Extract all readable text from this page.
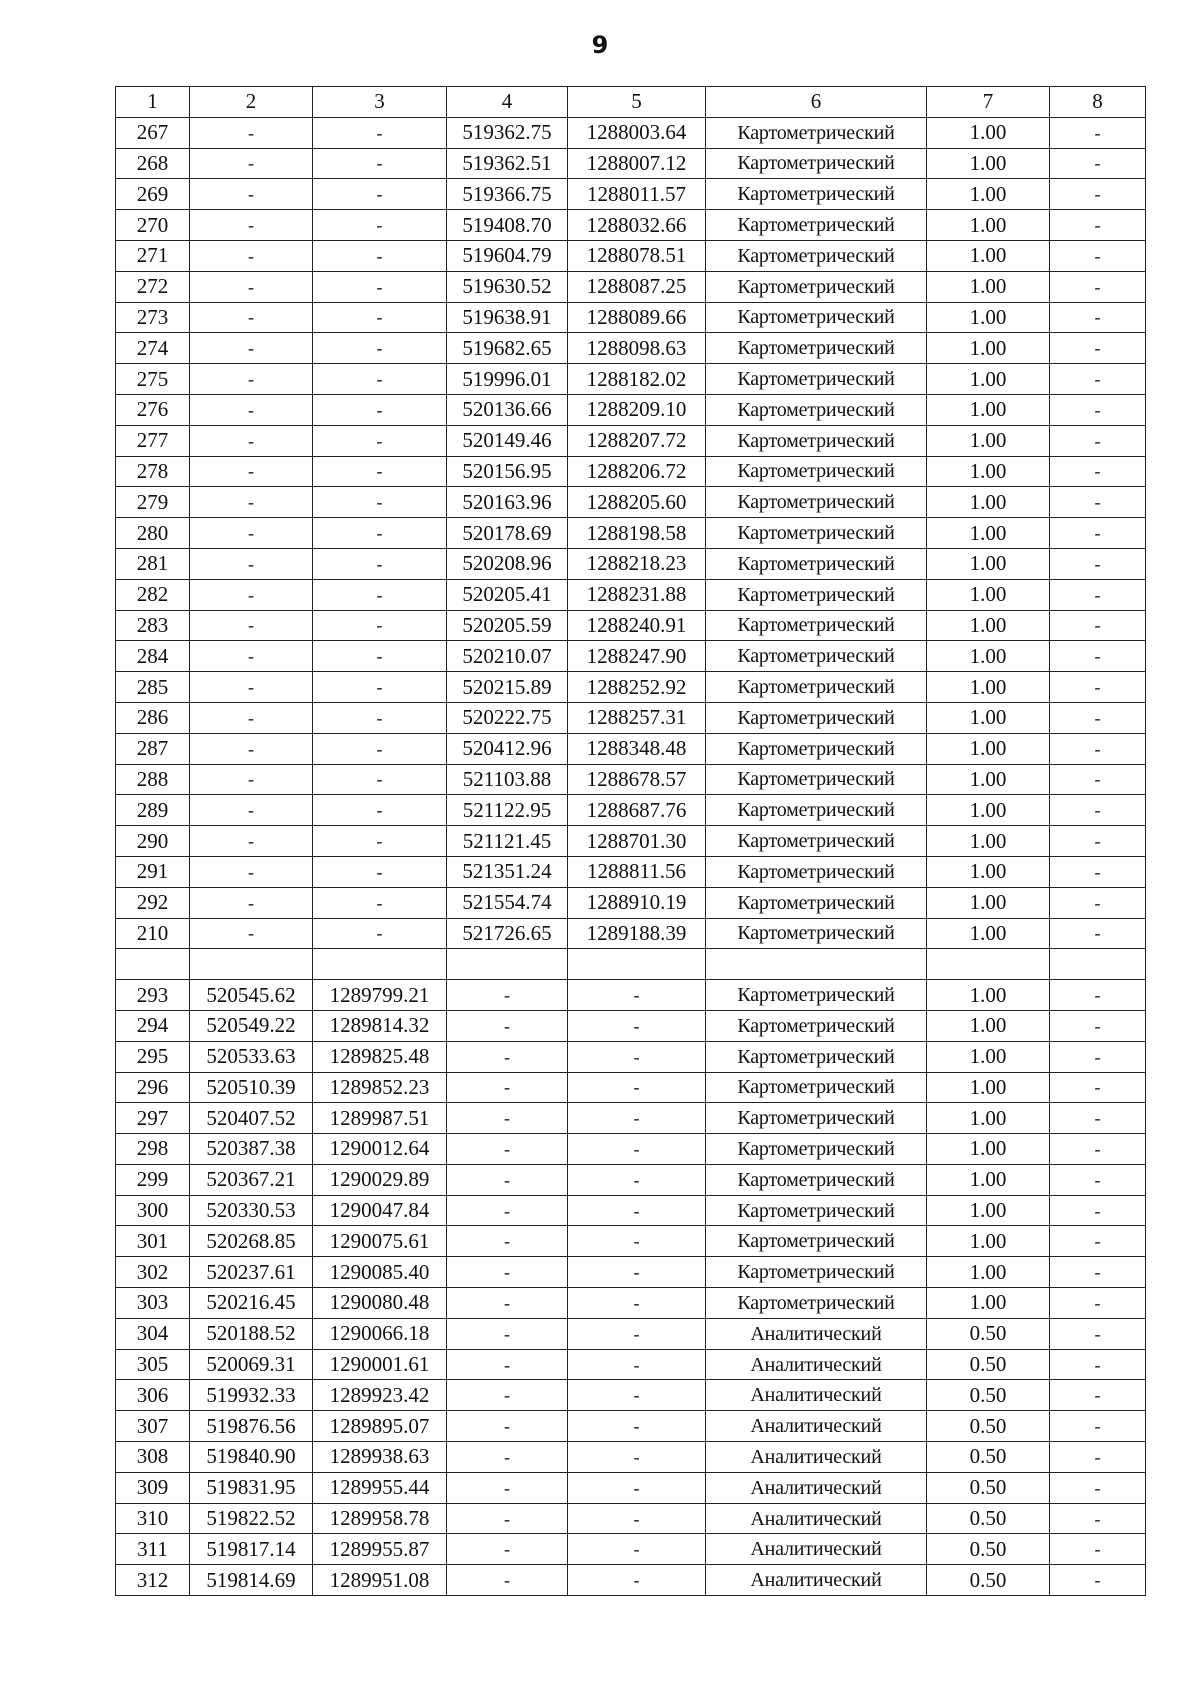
9
1	2	3	4	5	6	7	8
267	-	-	519362.75	1288003.64	Картометрический	1.00	-
268	-	-	519362.51	1288007.12	Картометрический	1.00	-
269	-	-	519366.75	1288011.57	Картометрический	1.00	-
270	-	-	519408.70	1288032.66	Картометрический	1.00	-
271	-	-	519604.79	1288078.51	Картометрический	1.00	-
272	-	-	519630.52	1288087.25	Картометрический	1.00	-
273	-	-	519638.91	1288089.66	Картометрический	1.00	-
274	-	-	519682.65	1288098.63	Картометрический	1.00	-
275	-	-	519996.01	1288182.02	Картометрический	1.00	-
276	-	-	520136.66	1288209.10	Картометрический	1.00	-
277	-	-	520149.46	1288207.72	Картометрический	1.00	-
278	-	-	520156.95	1288206.72	Картометрический	1.00	-
279	-	-	520163.96	1288205.60	Картометрический	1.00	-
280	-	-	520178.69	1288198.58	Картометрический	1.00	-
281	-	-	520208.96	1288218.23	Картометрический	1.00	-
282	-	-	520205.41	1288231.88	Картометрический	1.00	-
283	-	-	520205.59	1288240.91	Картометрический	1.00	-
284	-	-	520210.07	1288247.90	Картометрический	1.00	-
285	-	-	520215.89	1288252.92	Картометрический	1.00	-
286	-	-	520222.75	1288257.31	Картометрический	1.00	-
287	-	-	520412.96	1288348.48	Картометрический	1.00	-
288	-	-	521103.88	1288678.57	Картометрический	1.00	-
289	-	-	521122.95	1288687.76	Картометрический	1.00	-
290	-	-	521121.45	1288701.30	Картометрический	1.00	-
291	-	-	521351.24	1288811.56	Картометрический	1.00	-
292	-	-	521554.74	1288910.19	Картометрический	1.00	-
210	-	-	521726.65	1289188.39	Картометрический	1.00	-

293	520545.62	1289799.21	-	-	Картометрический	1.00	-
294	520549.22	1289814.32	-	-	Картометрический	1.00	-
295	520533.63	1289825.48	-	-	Картометрический	1.00	-
296	520510.39	1289852.23	-	-	Картометрический	1.00	-
297	520407.52	1289987.51	-	-	Картометрический	1.00	-
298	520387.38	1290012.64	-	-	Картометрический	1.00	-
299	520367.21	1290029.89	-	-	Картометрический	1.00	-
300	520330.53	1290047.84	-	-	Картометрический	1.00	-
301	520268.85	1290075.61	-	-	Картометрический	1.00	-
302	520237.61	1290085.40	-	-	Картометрический	1.00	-
303	520216.45	1290080.48	-	-	Картометрический	1.00	-
304	520188.52	1290066.18	-	-	Аналитический	0.50	-
305	520069.31	1290001.61	-	-	Аналитический	0.50	-
306	519932.33	1289923.42	-	-	Аналитический	0.50	-
307	519876.56	1289895.07	-	-	Аналитический	0.50	-
308	519840.90	1289938.63	-	-	Аналитический	0.50	-
309	519831.95	1289955.44	-	-	Аналитический	0.50	-
310	519822.52	1289958.78	-	-	Аналитический	0.50	-
311	519817.14	1289955.87	-	-	Аналитический	0.50	-
312	519814.69	1289951.08	-	-	Аналитический	0.50	-
